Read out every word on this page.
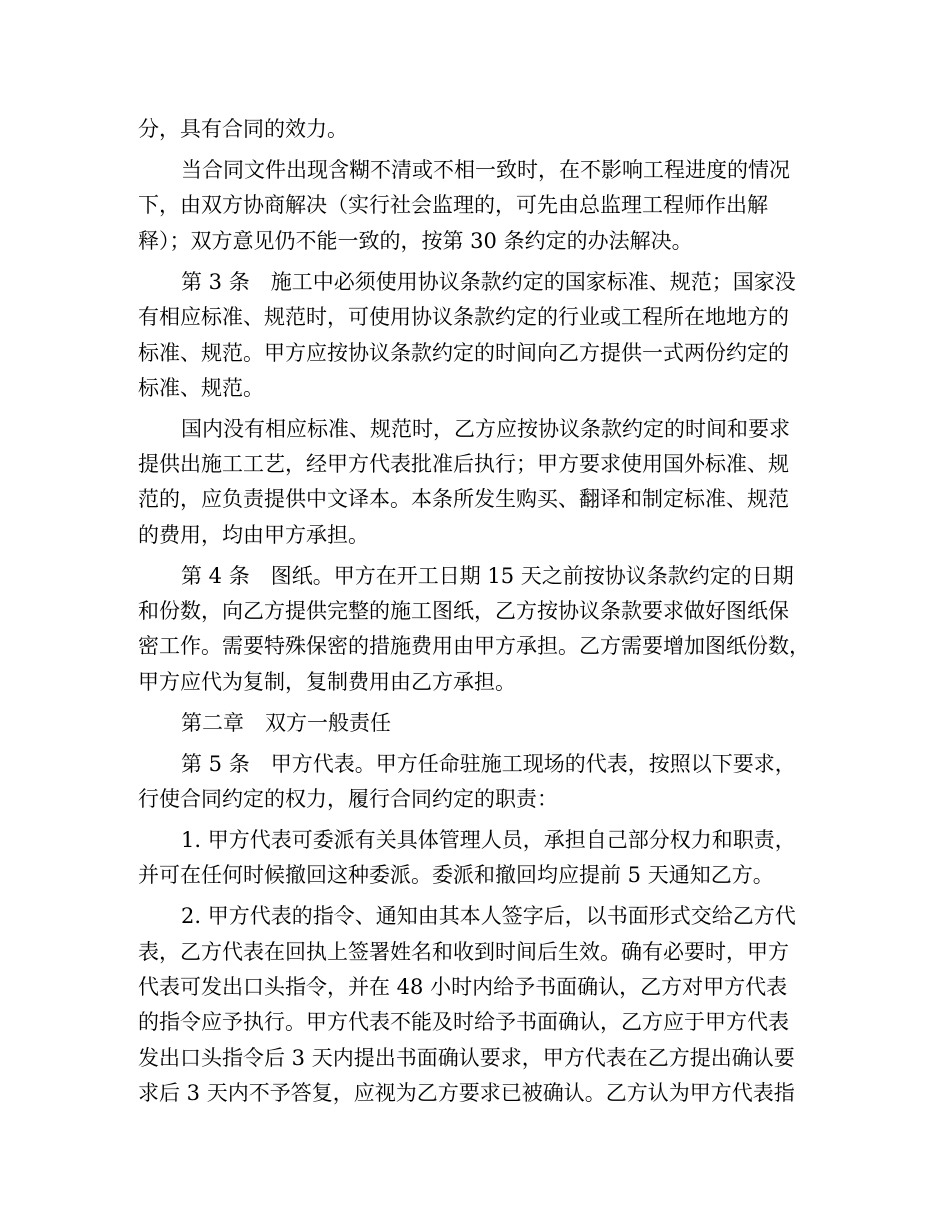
分，具有合同的效力。
当合同文件出现含糊不清或不相一致时，在不影响工程进度的情况
下，由双方协商解决（实行社会监理的，可先由总监理工程师作出解
释）；双方意见仍不能一致的，按第 30 条约定的办法解决。
第 3 条　施工中必须使用协议条款约定的国家标准、规范；国家没
有相应标准、规范时，可使用协议条款约定的行业或工程所在地地方的
标准、规范。甲方应按协议条款约定的时间向乙方提供一式两份约定的
标准、规范。
国内没有相应标准、规范时，乙方应按协议条款约定的时间和要求
提供出施工工艺，经甲方代表批准后执行；甲方要求使用国外标准、规
范的，应负责提供中文译本。本条所发生购买、翻译和制定标准、规范
的费用，均由甲方承担。
第 4 条　图纸。甲方在开工日期 15 天之前按协议条款约定的日期
和份数，向乙方提供完整的施工图纸，乙方按协议条款要求做好图纸保
密工作。需要特殊保密的措施费用由甲方承担。乙方需要增加图纸份数，
甲方应代为复制，复制费用由乙方承担。
第二章　双方一般责任
第 5 条　甲方代表。甲方任命驻施工现场的代表，按照以下要求，
行使合同约定的权力，履行合同约定的职责：
1. 甲方代表可委派有关具体管理人员，承担自己部分权力和职责，
并可在任何时候撤回这种委派。委派和撤回均应提前 5 天通知乙方。
2. 甲方代表的指令、通知由其本人签字后，以书面形式交给乙方代
表，乙方代表在回执上签署姓名和收到时间后生效。确有必要时，甲方
代表可发出口头指令，并在 48 小时内给予书面确认，乙方对甲方代表
的指令应予执行。甲方代表不能及时给予书面确认，乙方应于甲方代表
发出口头指令后 3 天内提出书面确认要求，甲方代表在乙方提出确认要
求后 3 天内不予答复，应视为乙方要求已被确认。乙方认为甲方代表指
